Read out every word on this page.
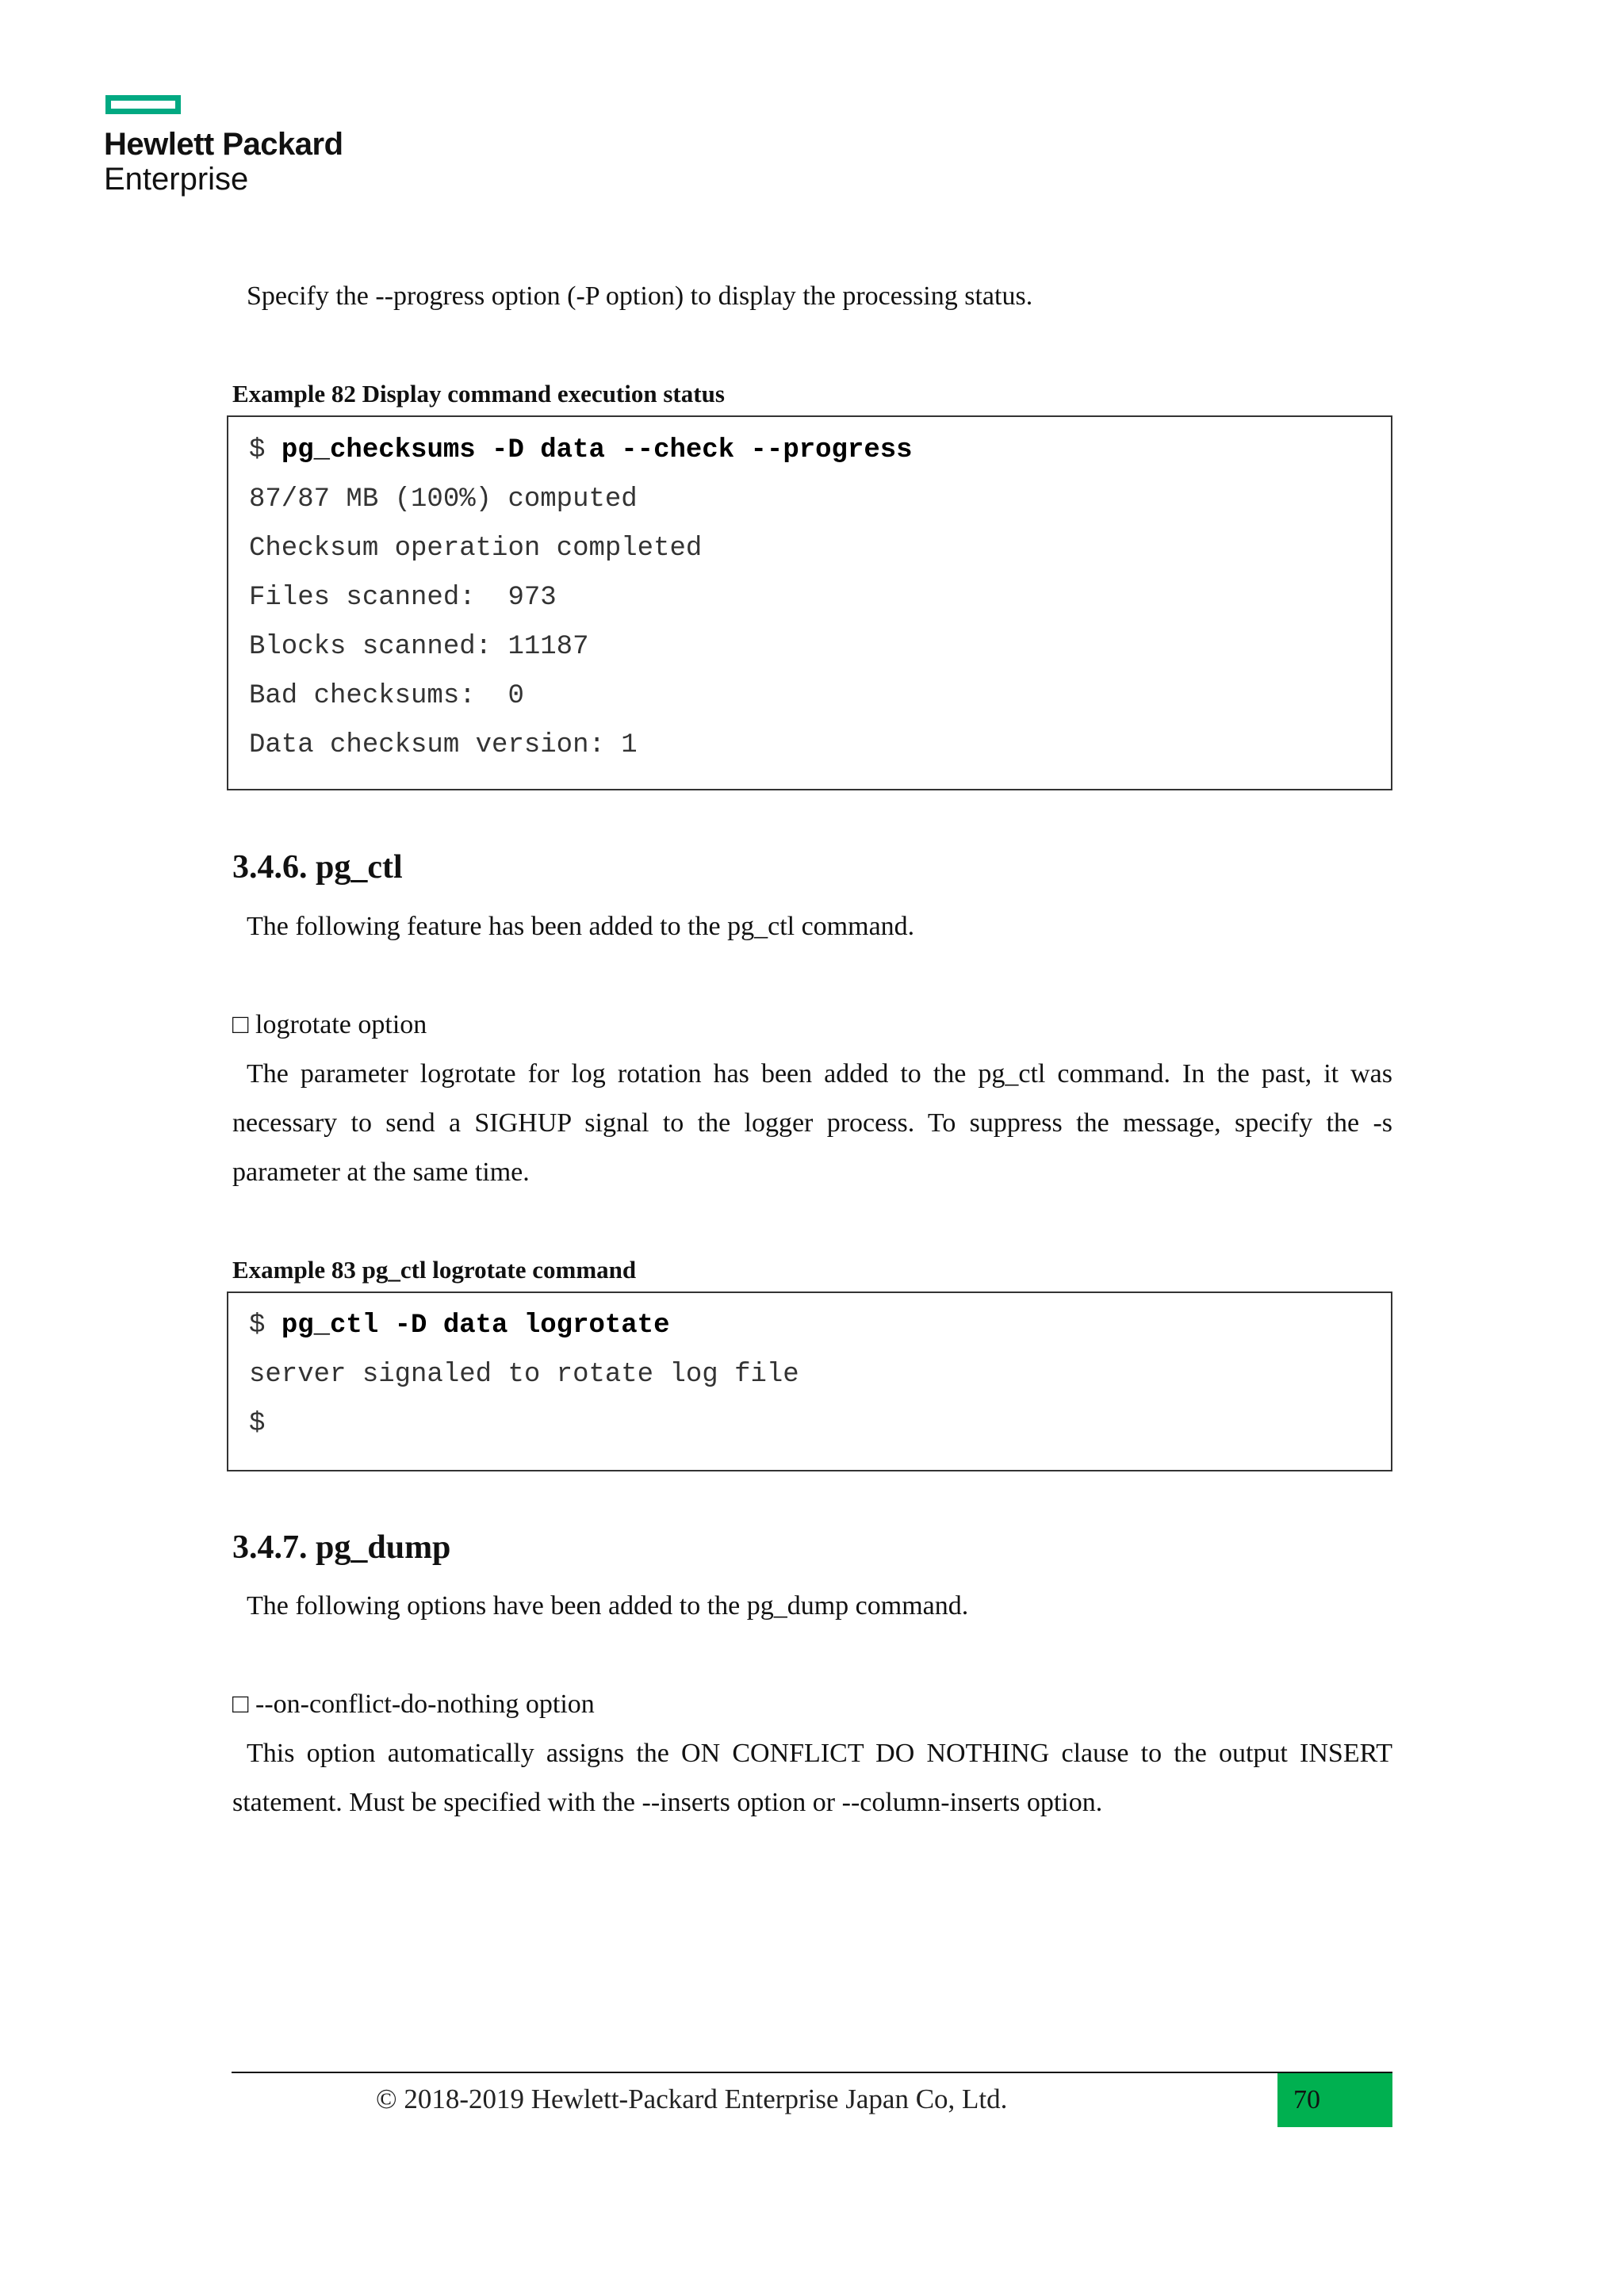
Hewlett Packard
Enterprise
Specify the --progress option (-P option) to display the processing status.
Example 82 Display command execution status
$ pg_checksums -D data --check --progress
87/87 MB (100%) computed
Checksum operation completed
Files scanned:  973
Blocks scanned: 11187
Bad checksums:  0
Data checksum version: 1
3.4.6. pg_ctl
The following feature has been added to the pg_ctl command.
□ logrotate option
The parameter logrotate for log rotation has been added to the pg_ctl command. In the past, it was necessary to send a SIGHUP signal to the logger process. To suppress the message, specify the -s parameter at the same time.
Example 83 pg_ctl logrotate command
$ pg_ctl -D data logrotate
server signaled to rotate log file
$
3.4.7. pg_dump
The following options have been added to the pg_dump command.
□ --on-conflict-do-nothing option
This option automatically assigns the ON CONFLICT DO NOTHING clause to the output INSERT statement. Must be specified with the --inserts option or --column-inserts option.
© 2018-2019 Hewlett-Packard Enterprise Japan Co, Ltd.	70
